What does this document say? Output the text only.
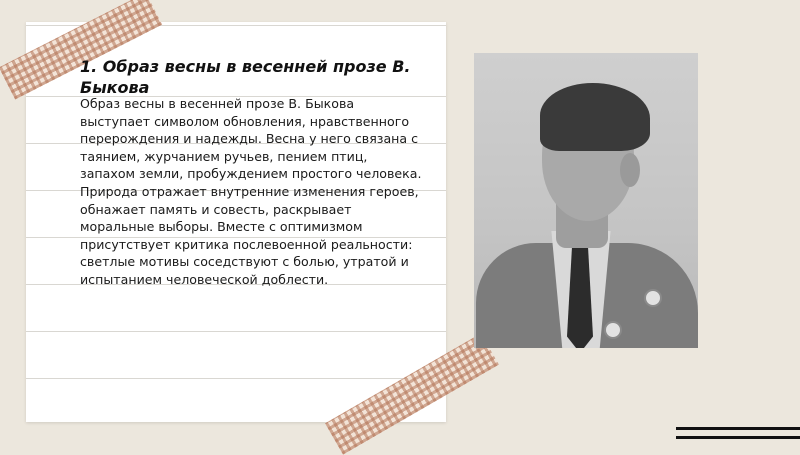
1. Образ весны в весенней прозе В. Быкова

Образ весны в весенней прозе В. Быкова выступает символом обновления, нравственного перерождения и надежды. Весна у него связана с таянием, журчанием ручьев, пением птиц, запахом земли, пробуждением простого человека. Природа отражает внутренние изменения героев, обнажает память и совесть, раскрывает моральные выборы. Вместе с оптимизмом присутствует критика послевоенной реальности: светлые мотивы соседствуют с болью, утратой и испытанием человеческой доблести.
